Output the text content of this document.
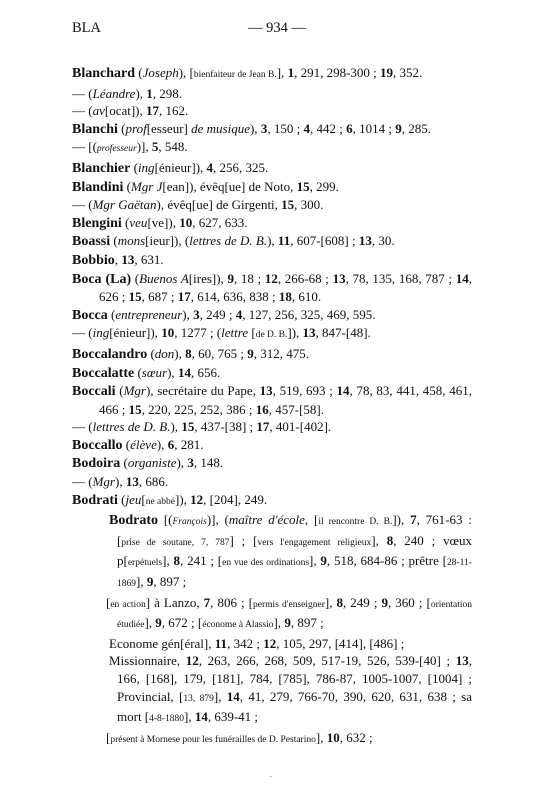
BLA	— 934 —

Blanchard (Joseph), [bienfaiteur de Jean B.], 1, 291, 298-300 ; 19, 352.

— (Léandre), 1, 298.

— (av[ocat]), 17, 162.

Blanchi (prof[esseur] de musique), 3, 150 ; 4, 442 ; 6, 1014 ; 9, 285.

— [(professeur)], 5, 548.

Blanchier (ing[énieur]), 4, 256, 325.

Blandini (Mgr J[ean]), évêq[ue] de Noto, 15, 299.

— (Mgr Gaëtan), évêq[ue] de Girgenti, 15, 300.

Blengini (veu[ve]), 10, 627, 633.

Boassi (mons[ieur]), (lettres de D. B.), 11, 607-[608] ; 13, 30.

Bobbio, 13, 631.

Boca (La) (Buenos A[ires]), 9, 18 ; 12, 266-68 ; 13, 78, 135, 168, 787 ; 14, 626 ; 15, 687 ; 17, 614, 636, 838 ; 18, 610.

Bocca (entrepreneur), 3, 249 ; 4, 127, 256, 325, 469, 595.

— (ing[énieur]), 10, 1277 ; (lettre [de D. B.]), 13, 847-[48].

Boccalandro (don), 8, 60, 765 ; 9, 312, 475.

Boccalatte (sœur), 14, 656.

Boccali (Mgr), secrétaire du Pape, 13, 519, 693 ; 14, 78, 83, 441, 458, 461, 466 ; 15, 220, 225, 252, 386 ; 16, 457-[58].

— (lettres de D. B.), 15, 437-[38] ; 17, 401-[402].

Boccallo (élève), 6, 281.

Bodoira (organiste), 3, 148.

— (Mgr), 13, 686.

Bodrati (jeu[ne abbé]), 12, [204], 249.

Bodrato [(François)], (maître d'école, [il rencontre D. B.]), 7, 761-63 : [prise de soutane, 7, 787] ; [vers l'engagement religieux], 8, 240 ; vœux p[erpétuels], 8, 241 ; [en vue des ordinations], 9, 518, 684-86 ; prêtre [28-11-1869], 9, 897 ;

[en action] à Lanzo, 7, 806 ; [permis d'enseigner], 8, 249 ; 9, 360 ; [orientation étudiée], 9, 672 ; [économe à Alassio], 9, 897 ;

Econome gén[éral], 11, 342 ; 12, 105, 297, [414], [486] ;

Missionnaire, 12, 263, 266, 268, 509, 517-19, 526, 539-[40] ; 13, 166, [168], 179, [181], 784, [785], 786-87, 1005-1007, [1004] ; Provincial, [13, 879], 14, 41, 279, 766-70, 390, 620, 631, 638 ; sa mort [4-8-1880], 14, 639-41 ;

[présent à Mornese pour les funérailles de D. Pestarino], 10, 632 ;

.
